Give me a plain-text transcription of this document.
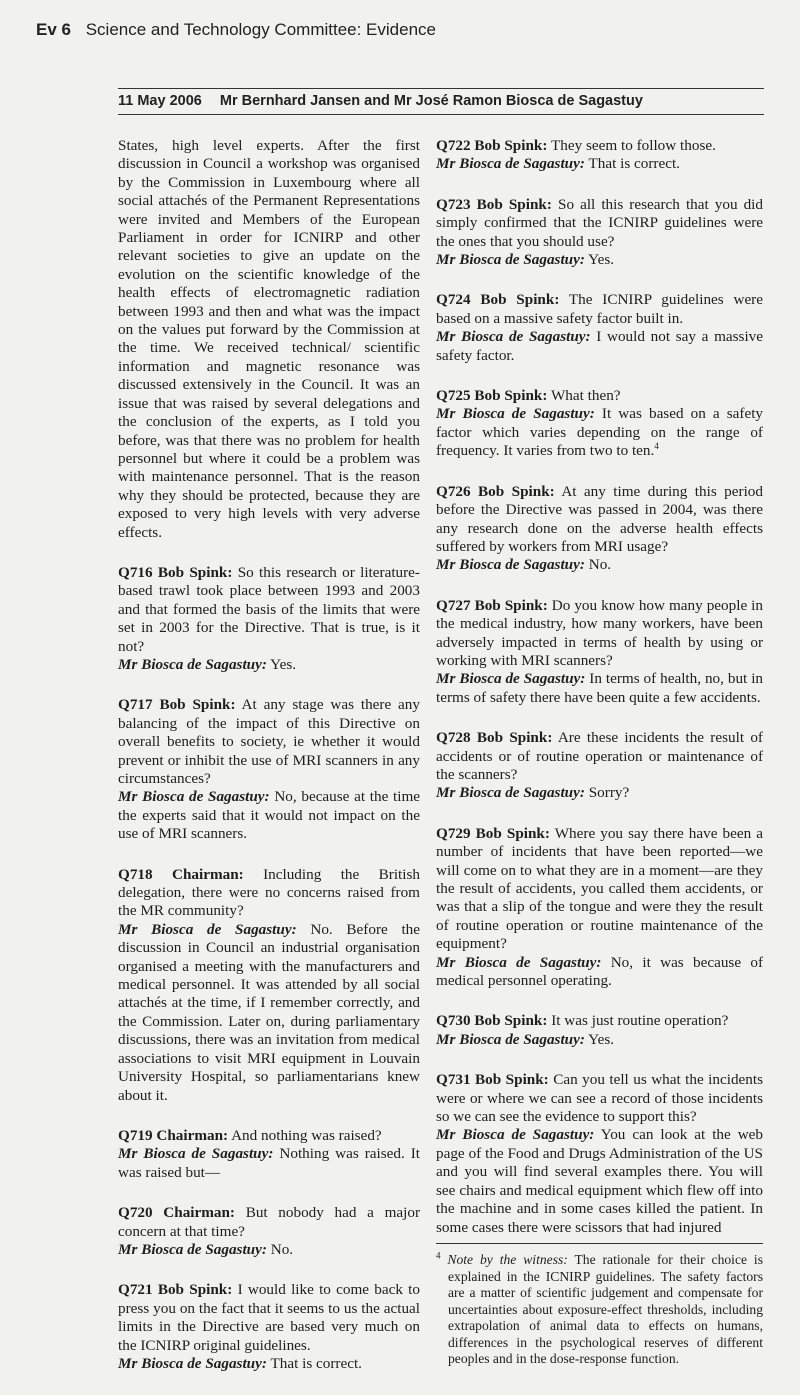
Ev 6 Science and Technology Committee: Evidence
11 May 2006 Mr Bernhard Jansen and Mr José Ramon Biosca de Sagastuy

States, high level experts. After the first discussion in Council a workshop was organised by the Commission in Luxembourg where all social attachés of the Permanent Representations were invited and Members of the European Parliament in order for ICNIRP and other relevant societies to give an update on the evolution on the scientific knowledge of the health effects of electromagnetic radiation between 1993 and then and what was the impact on the values put forward by the Commission at the time. We received technical/ scientific information and magnetic resonance was discussed extensively in the Council. It was an issue that was raised by several delegations and the conclusion of the experts, as I told you before, was that there was no problem for health personnel but where it could be a problem was with maintenance personnel. That is the reason why they should be protected, because they are exposed to very high levels with very adverse effects.

Q716 Bob Spink: So this research or literature-based trawl took place between 1993 and 2003 and that formed the basis of the limits that were set in 2003 for the Directive. That is true, is it not?

Mr Biosca de Sagastuy: Yes.

Q717 Bob Spink: At any stage was there any balancing of the impact of this Directive on overall benefits to society, ie whether it would prevent or inhibit the use of MRI scanners in any circumstances?

Mr Biosca de Sagastuy: No, because at the time the experts said that it would not impact on the use of MRI scanners.

Q718 Chairman: Including the British delegation, there were no concerns raised from the MR community?

Mr Biosca de Sagastuy: No. Before the discussion in Council an industrial organisation organised a meeting with the manufacturers and medical personnel. It was attended by all social attachés at the time, if I remember correctly, and the Commission. Later on, during parliamentary discussions, there was an invitation from medical associations to visit MRI equipment in Louvain University Hospital, so parliamentarians knew about it.

Q719 Chairman: And nothing was raised?

Mr Biosca de Sagastuy: Nothing was raised. It was raised but—

Q720 Chairman: But nobody had a major concern at that time?

Mr Biosca de Sagastuy: No.

Q721 Bob Spink: I would like to come back to press you on the fact that it seems to us the actual limits in the Directive are based very much on the ICNIRP original guidelines.

Mr Biosca de Sagastuy: That is correct.

Q722 Bob Spink: They seem to follow those.

Mr Biosca de Sagastuy: That is correct.

Q723 Bob Spink: So all this research that you did simply confirmed that the ICNIRP guidelines were the ones that you should use?

Mr Biosca de Sagastuy: Yes.

Q724 Bob Spink: The ICNIRP guidelines were based on a massive safety factor built in.

Mr Biosca de Sagastuy: I would not say a massive safety factor.

Q725 Bob Spink: What then?

Mr Biosca de Sagastuy: It was based on a safety factor which varies depending on the range of frequency. It varies from two to ten.$^4$

Q726 Bob Spink: At any time during this period before the Directive was passed in 2004, was there any research done on the adverse health effects suffered by workers from MRI usage?

Mr Biosca de Sagastuy: No.

Q727 Bob Spink: Do you know how many people in the medical industry, how many workers, have been adversely impacted in terms of health by using or working with MRI scanners?

Mr Biosca de Sagastuy: In terms of health, no, but in terms of safety there have been quite a few accidents.

Q728 Bob Spink: Are these incidents the result of accidents or of routine operation or maintenance of the scanners?

Mr Biosca de Sagastuy: Sorry?

Q729 Bob Spink: Where you say there have been a number of incidents that have been reported—we will come on to what they are in a moment—are they the result of accidents, you called them accidents, or was that a slip of the tongue and were they the result of routine operation or routine maintenance of the equipment?

Mr Biosca de Sagastuy: No, it was because of medical personnel operating.

Q730 Bob Spink: It was just routine operation?

Mr Biosca de Sagastuy: Yes.

Q731 Bob Spink: Can you tell us what the incidents were or where we can see a record of those incidents so we can see the evidence to support this?

Mr Biosca de Sagastuy: You can look at the web page of the Food and Drugs Administration of the US and you will find several examples there. You will see chairs and medical equipment which flew off into the machine and in some cases killed the patient. In some cases there were scissors that had injured

$^4$ Note by the witness: The rationale for their choice is explained in the ICNIRP guidelines. The safety factors are a matter of scientific judgement and compensate for uncertainties about exposure-effect thresholds, including extrapolation of animal data to effects on humans, differences in the psychological reserves of different peoples and in the dose-response function.
